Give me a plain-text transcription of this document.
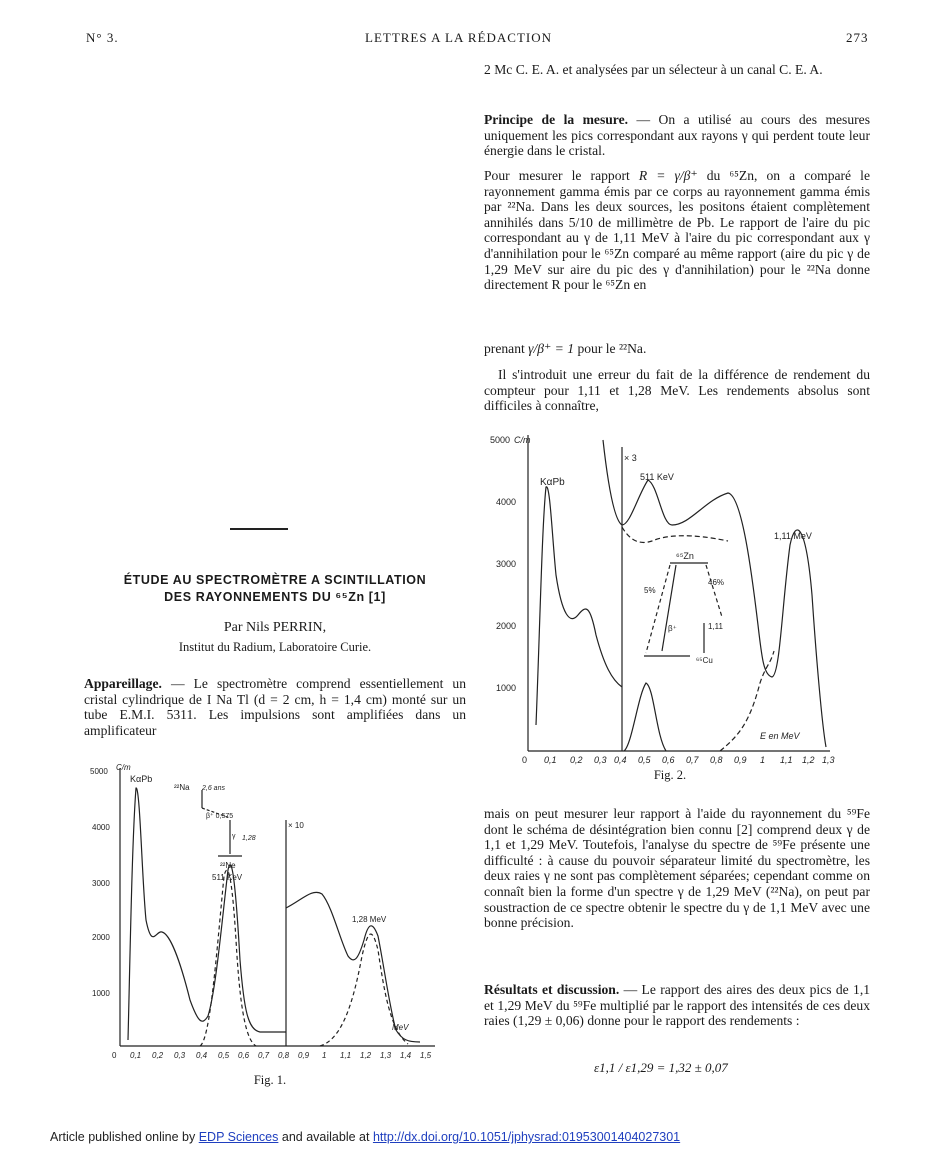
N° 3.	LETTRES A LA RÉDACTION	273

2 Mc C. E. A. et analysées par un sélecteur à un canal C. E. A.

Principe de la mesure. — On a utilisé au cours des mesures uniquement les pics correspondant aux rayons γ qui perdent toute leur énergie dans le cristal.

Pour mesurer le rapport R = γ/β⁺ du ⁶⁵Zn, on a comparé le rayonnement gamma émis par ce corps au rayonnement gamma émis par ²²Na. Dans les deux sources, les positons étaient complètement annihilés dans 5/10 de millimètre de Pb. Le rapport de l'aire du pic correspondant au γ de 1,11 MeV à l'aire du pic correspondant aux γ d'annihilation pour le ⁶⁵Zn comparé au même rapport (aire du pic γ de 1,29 MeV sur aire du pic des γ d'annihilation) pour le ²²Na donne directement R pour le ⁶⁵Zn en

prenant γ/β⁺ = 1 pour le ²²Na.

Il s'introduit une erreur du fait de la différence de rendement du compteur pour 1,11 et 1,28 MeV. Les rendements absolus sont difficiles à connaître,

5000 C/m
4000
3000
2000
1000
0 0,1 0,2 0,3 0,4 0,5 0,6 0,7 0,8 0,9 1 1,1 1,2 1,3
KαPb
× 3
511 KeV
1,11 MeV
⁶⁵Zn
5%
46%
β⁺	1,11
⁶⁵Cu
E en MeV
Fig. 2.

mais on peut mesurer leur rapport à l'aide du rayonnement du ⁵⁹Fe dont le schéma de désintégration bien connu [2] comprend deux γ de 1,1 et 1,29 MeV. Toutefois, l'analyse du spectre de ⁵⁹Fe présente une difficulté : à cause du pouvoir séparateur limité du spectromètre, les deux raies γ ne sont pas complètement séparées; cependant comme on connaît bien la forme d'un spectre γ de 1,29 MeV (²²Na), on peut par soustraction de ce spectre obtenir le spectre du γ de 1,1 MeV avec une bonne précision.

Résultats et discussion. — Le rapport des aires des deux pics de 1,1 et 1,29 MeV du ⁵⁹Fe multiplié par le rapport des intensités de ces deux raies (1,29 ± 0,06) donne pour le rapport des rendements :

ε1,1 / ε1,29 = 1,32 ± 0,07
ÉTUDE AU SPECTROMÈTRE A SCINTILLATION
DES RAYONNEMENTS DU ⁶⁵Zn [1]
Par Nils PERRIN,
Institut du Radium, Laboratoire Curie.

Appareillage. — Le spectromètre comprend essentiellement un cristal cylindrique de I Na Tl (d = 2 cm, h = 1,4 cm) monté sur un tube E.M.I. 5311. Les impulsions sont amplifiées dans un amplificateur

5000 C/m
4000
3000
2000
1000
0 0,1 0,2 0,3 0,4 0,5 0,6 0,7 0,8 0,9 1 1,1 1,2 1,3 1,4 1,5
KαPb
²²Na 2,6 ans
β⁺ 0,575
γ 1,28
²²Ne
511 KeV
× 10
1,28 MeV
MeV
Fig. 1.
Article published online by EDP Sciences and available at http://dx.doi.org/10.1051/jphysrad:01953001404027301
